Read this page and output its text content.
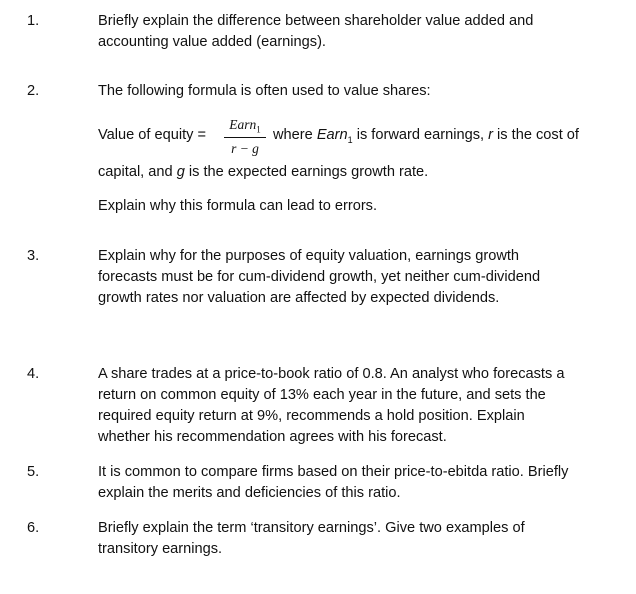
1.	Briefly explain the difference between shareholder value added and
accounting value added (earnings).
2.	The following formula is often used to value shares:
Value of equity =
Earn$_1$
r − g
where Earn$_1$ is forward earnings, r is the cost of
capital, and g is the expected earnings growth rate.
Explain why this formula can lead to errors.
3.	Explain why for the purposes of equity valuation, earnings growth
forecasts must be for cum-dividend growth, yet neither cum-dividend
growth rates nor valuation are affected by expected dividends.
4.	A share trades at a price-to-book ratio of 0.8. An analyst who forecasts a
return on common equity of 13% each year in the future, and sets the
required equity return at 9%, recommends a hold position. Explain
whether his recommendation agrees with his forecast.
5.	It is common to compare firms based on their price-to-ebitda ratio. Briefly
explain the merits and deficiencies of this ratio.
6.	Briefly explain the term ‘transitory earnings’. Give two examples of
transitory earnings.
